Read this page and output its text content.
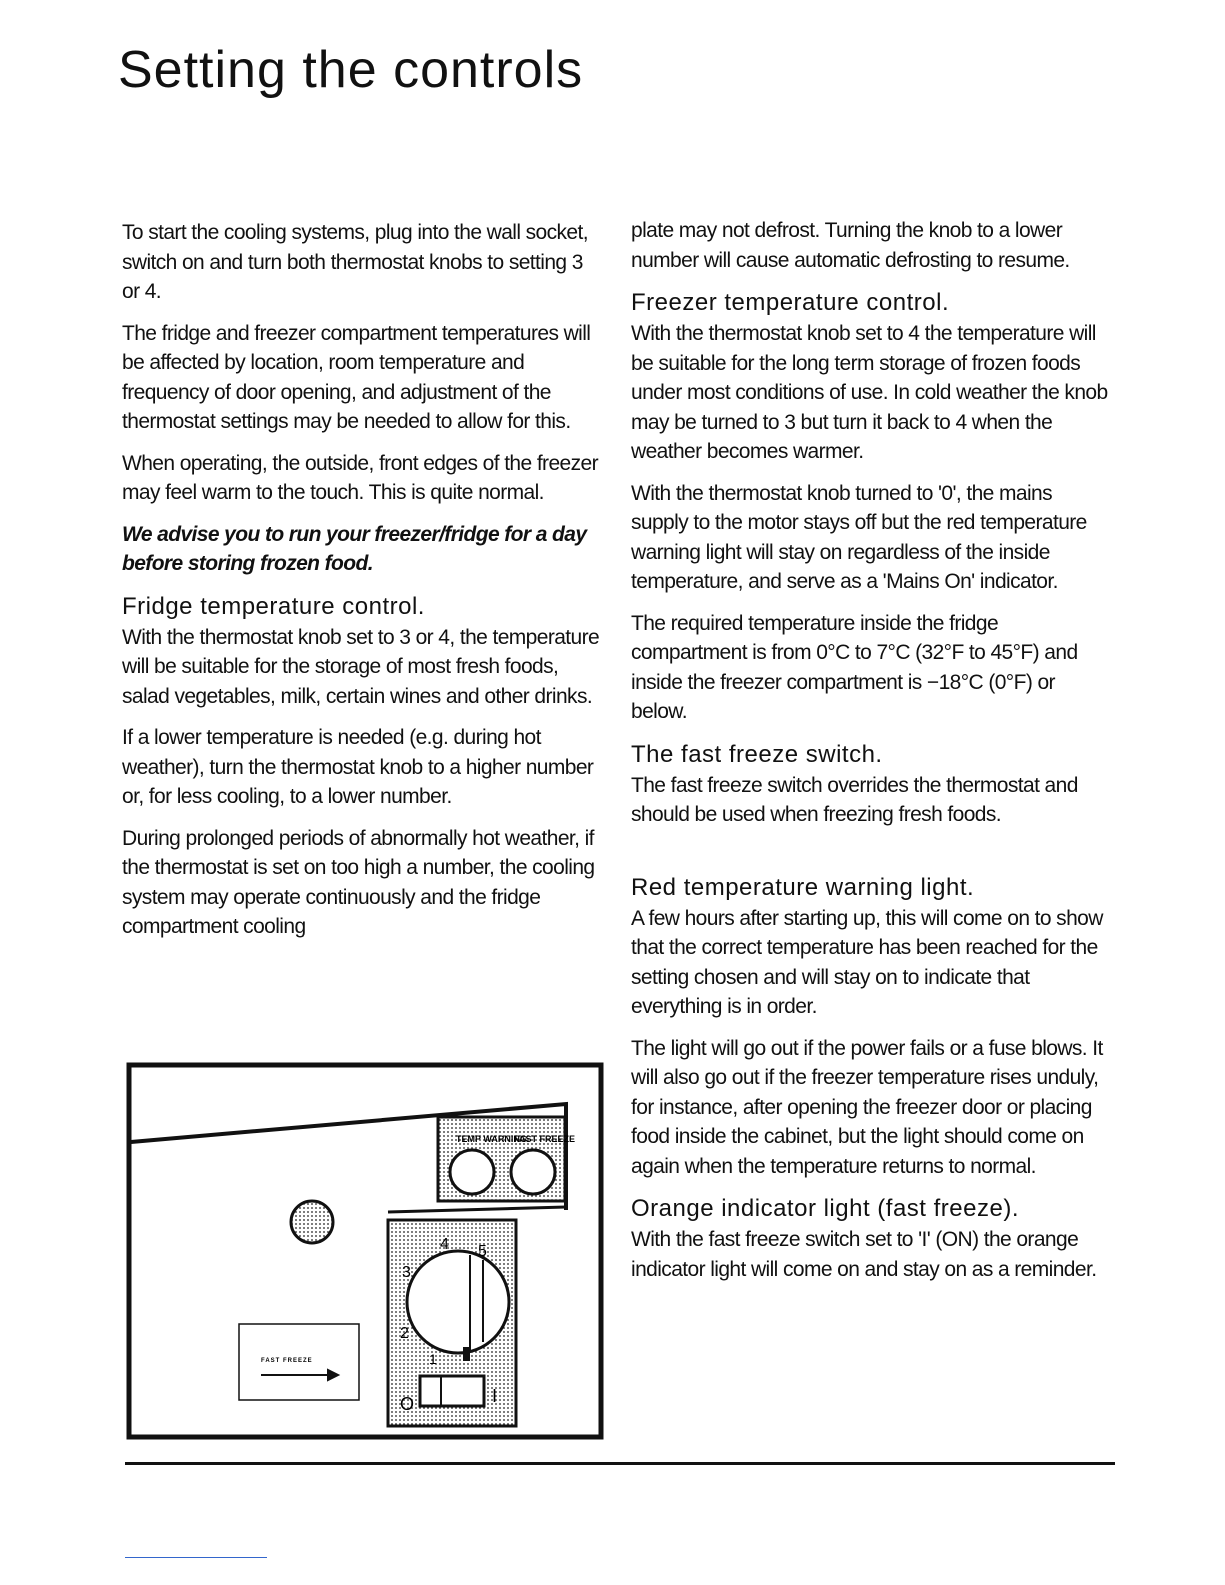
Setting the controls

To start the cooling systems, plug into the wall socket, switch on and turn both thermostat knobs to setting 3 or 4.

The fridge and freezer compartment temperatures will be affected by location, room temperature and frequency of door opening, and adjustment of the thermostat settings may be needed to allow for this.

When operating, the outside, front edges of the freezer may feel warm to the touch. This is quite normal.

We advise you to run your freezer/fridge for a day before storing frozen food.

Fridge temperature control.

With the thermostat knob set to 3 or 4, the temperature will be suitable for the storage of most fresh foods, salad vegetables, milk, certain wines and other drinks.

If a lower temperature is needed (e.g. during hot weather), turn the thermostat knob to a higher number or, for less cooling, to a lower number.

During prolonged periods of abnormally hot weather, if the thermostat is set on too high a number, the cooling system may operate continuously and the fridge compartment cooling

plate may not defrost. Turning the knob to a lower number will cause automatic defrosting to resume.

Freezer temperature control.

With the thermostat knob set to 4 the temperature will be suitable for the long term storage of frozen foods under most conditions of use. In cold weather the knob may be turned to 3 but turn it back to 4 when the weather becomes warmer.

With the thermostat knob turned to '0', the mains supply to the motor stays off but the red temperature warning light will stay on regardless of the inside temperature, and serve as a 'Mains On' indicator.

The required temperature inside the fridge compartment is from 0°C to 7°C (32°F to 45°F) and inside the freezer compartment is −18°C (0°F) or below.

The fast freeze switch.

The fast freeze switch overrides the thermostat and should be used when freezing fresh foods.

Red temperature warning light.

A few hours after starting up, this will come on to show that the correct temperature has been reached for the setting chosen and will stay on to indicate that everything is in order.

The light will go out if the power fails or a fuse blows. It will also go out if the freezer temperature rises unduly, for instance, after opening the freezer door or placing food inside the cabinet, but the light should come on again when the temperature returns to normal.

Orange indicator light (fast freeze).

With the fast freeze switch set to 'I' (ON) the orange indicator light will come on and stay on as a reminder.

TEMP WARNING
FAST FREEZE
3
4 5
2
1
O	I
FAST FREEZE
